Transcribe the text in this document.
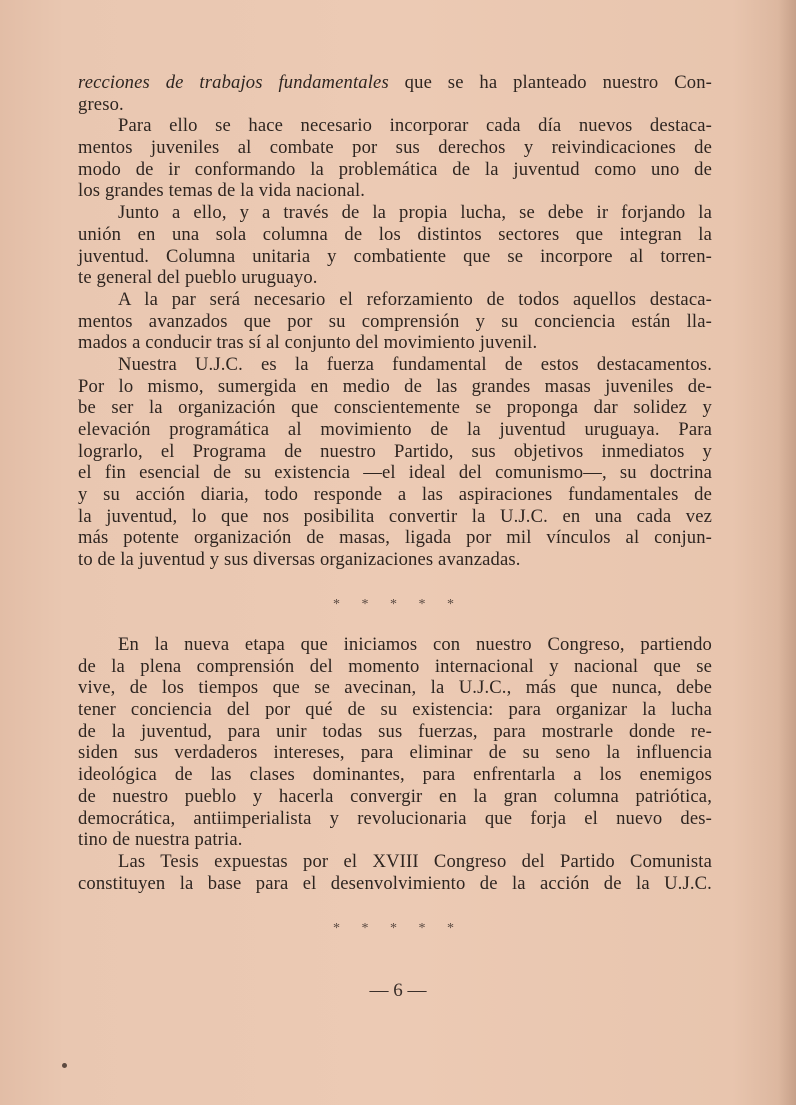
recciones de trabajos fundamentales que se ha planteado nuestro Con-
greso.
Para ello se hace necesario incorporar cada día nuevos destaca-
mentos juveniles al combate por sus derechos y reivindicaciones de
modo de ir conformando la problemática de la juventud como uno de
los grandes temas de la vida nacional.
Junto a ello, y a través de la propia lucha, se debe ir forjando la
unión en una sola columna de los distintos sectores que integran la
juventud. Columna unitaria y combatiente que se incorpore al torren-
te general del pueblo uruguayo.
A la par será necesario el reforzamiento de todos aquellos destaca-
mentos avanzados que por su comprensión y su conciencia están lla-
mados a conducir tras sí al conjunto del movimiento juvenil.
Nuestra U.J.C. es la fuerza fundamental de estos destacamentos.
Por lo mismo, sumergida en medio de las grandes masas juveniles de-
be ser la organización que conscientemente se proponga dar solidez y
elevación programática al movimiento de la juventud uruguaya. Para
lograrlo, el Programa de nuestro Partido, sus objetivos inmediatos y
el fin esencial de su existencia —el ideal del comunismo—, su doctrina
y su acción diaria, todo responde a las aspiraciones fundamentales de
la juventud, lo que nos posibilita convertir la U.J.C. en una cada vez
más potente organización de masas, ligada por mil vínculos al conjun-
to de la juventud y sus diversas organizaciones avanzadas.
* * * * *
En la nueva etapa que iniciamos con nuestro Congreso, partiendo
de la plena comprensión del momento internacional y nacional que se
vive, de los tiempos que se avecinan, la U.J.C., más que nunca, debe
tener conciencia del por qué de su existencia: para organizar la lucha
de la juventud, para unir todas sus fuerzas, para mostrarle donde re-
siden sus verdaderos intereses, para eliminar de su seno la influencia
ideológica de las clases dominantes, para enfrentarla a los enemigos
de nuestro pueblo y hacerla convergir en la gran columna patriótica,
democrática, antiimperialista y revolucionaria que forja el nuevo des-
tino de nuestra patria.
Las Tesis expuestas por el XVIII Congreso del Partido Comunista
constituyen la base para el desenvolvimiento de la acción de la U.J.C.
* * * * *
— 6 —
